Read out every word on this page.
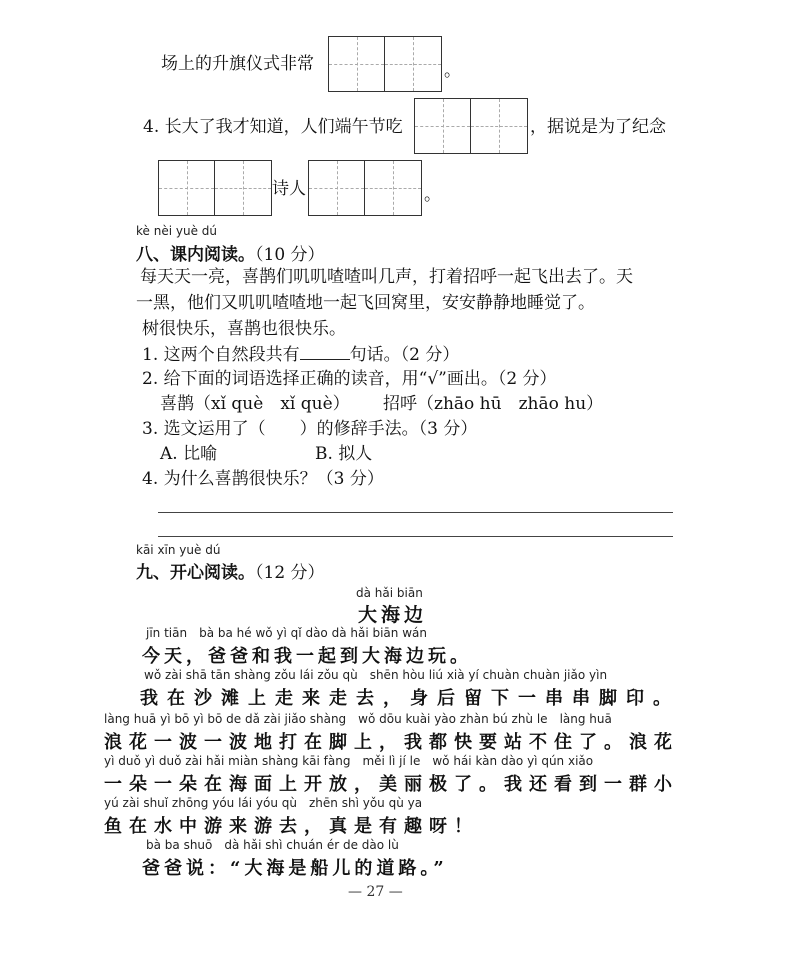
场上的升旗仪式非常	。
4. 长大了我才知道，人们端午节吃	，据说是为了纪念
诗人	。
kè nèi yuè dú
八、课内阅读。（10 分）
每天天一亮，喜鹊们叽叽喳喳叫几声，打着招呼一起飞出去了。天
一黑，他们又叽叽喳喳地一起飞回窝里，安安静静地睡觉了。
树很快乐，喜鹊也很快乐。
1. 这两个自然段共有	句话。（2 分）
2. 给下面的词语选择正确的读音，用“√”画出。（2 分）
喜鹊（xǐ què　xǐ què） 招呼（zhāo hū　zhāo hu）
3. 选文运用了（ ）的修辞手法。（3 分）
A. 比喻	B. 拟人
4. 为什么喜鹊很快乐？（3 分）
kāi xīn yuè dú
九、开心阅读。（12 分）
dà hǎi biān
大海边
jīn tiān　bà ba hé wǒ yì qǐ dào dà hǎi biān wán
今天，爸爸和我一起到大海边玩。
wǒ zài shā tān shàng zǒu lái zǒu qù　shēn hòu liú xià yí chuàn chuàn jiǎo yìn
我在沙滩上走来走去，身后留下一串串脚印。
làng huā yì bō yì bō de dǎ zài jiǎo shàng　wǒ dōu kuài yào zhàn bú zhù le　làng huā
浪花一波一波地打在脚上，我都快要站不住了。浪花
yì duǒ yì duǒ zài hǎi miàn shàng kāi fàng　měi lì jí le　wǒ hái kàn dào yì qún xiǎo
一朵一朵在海面上开放，美丽极了。我还看到一群小
yú zài shuǐ zhōng yóu lái yóu qù　zhēn shì yǒu qù ya
鱼在水中游来游去，真是有趣呀！
bà ba shuō　dà hǎi shì chuán ér de dào lù
爸爸说：“大海是船儿的道路。”
— 27 —
